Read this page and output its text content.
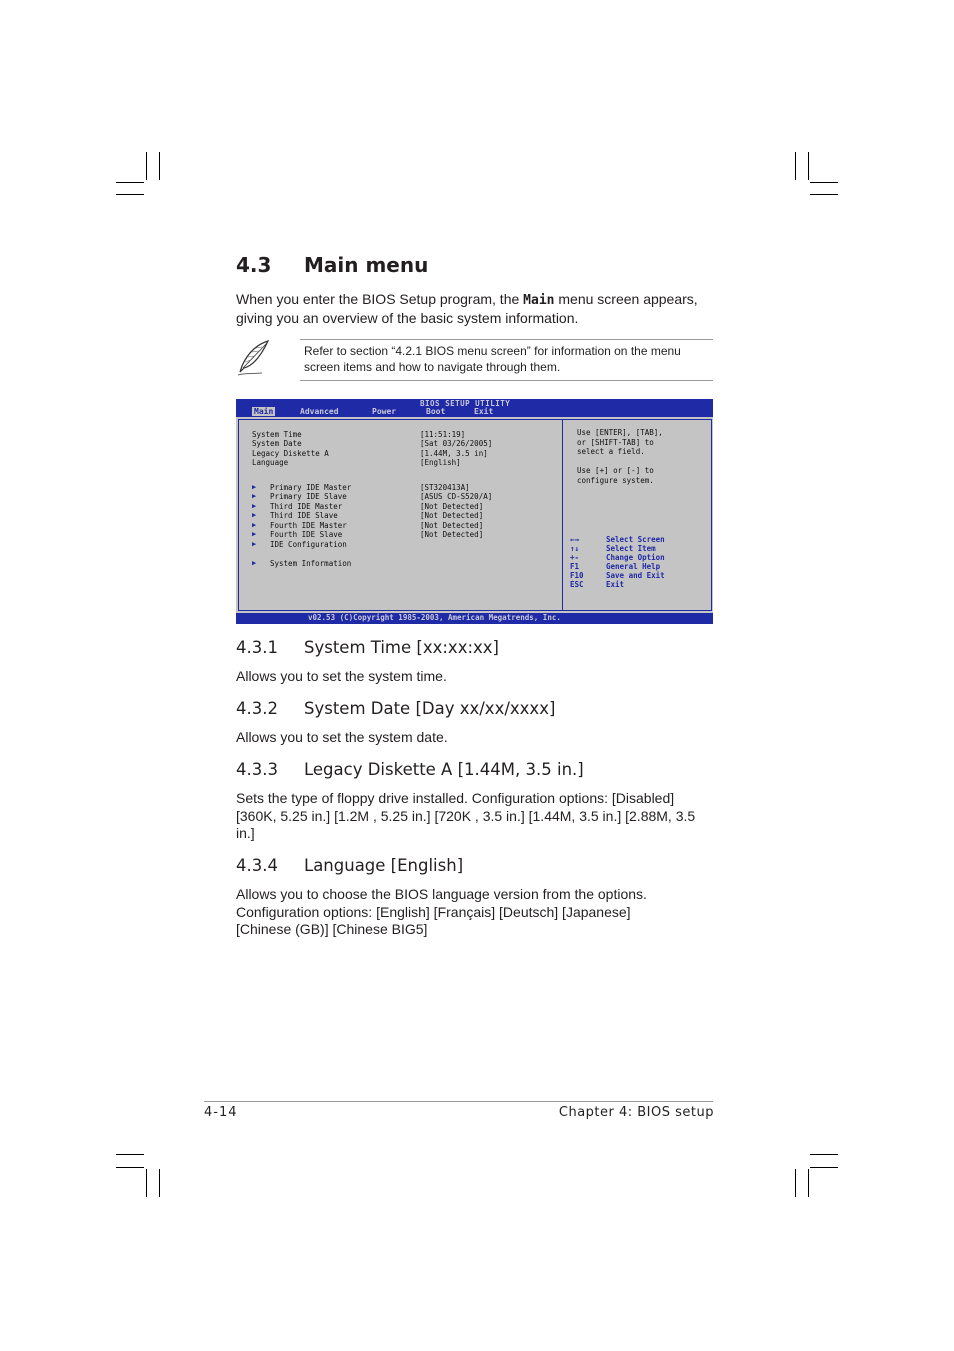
4.3 Main menu

When you enter the BIOS Setup program, the Main menu screen appears, giving you an overview of the basic system information.

Refer to section “4.2.1 BIOS menu screen” for information on the menu screen items and how to navigate through them.

BIOS SETUP UTILITY
Main	Advanced	Power	Boot	Exit
System Time	[11:51:19]
System Date	[Sat 03/26/2005]
Legacy Diskette A	[1.44M, 3.5 in]
Language	[English]
▶ Primary IDE Master	[ST320413A]
▶ Primary IDE Slave	[ASUS CD-S520/A]
▶ Third IDE Master	[Not Detected]
▶ Third IDE Slave	[Not Detected]
▶ Fourth IDE Master	[Not Detected]
▶ Fourth IDE Slave	[Not Detected]
▶ IDE Configuration
▶ System Information
Use [ENTER], [TAB],
or [SHIFT-TAB] to
select a field.
Use [+] or [-] to
configure system.
←→	Select Screen
↑↓	Select Item
+-	Change Option
F1	General Help
F10	Save and Exit
ESC	Exit
v02.53 (C)Copyright 1985-2003, American Megatrends, Inc.
4.3.1 System Time [xx:xx:xx]

Allows you to set the system time.

4.3.2 System Date [Day xx/xx/xxxx]

Allows you to set the system date.

4.3.3 Legacy Diskette A [1.44M, 3.5 in.]

Sets the type of floppy drive installed. Configuration options: [Disabled] [360K, 5.25 in.] [1.2M , 5.25 in.] [720K , 3.5 in.] [1.44M, 3.5 in.] [2.88M, 3.5 in.]

4.3.4 Language [English]

Allows you to choose the BIOS language version from the options. Configuration options: [English] [Français] [Deutsch] [Japanese] [Chinese (GB)] [Chinese BIG5]

4-14	Chapter 4: BIOS setup
